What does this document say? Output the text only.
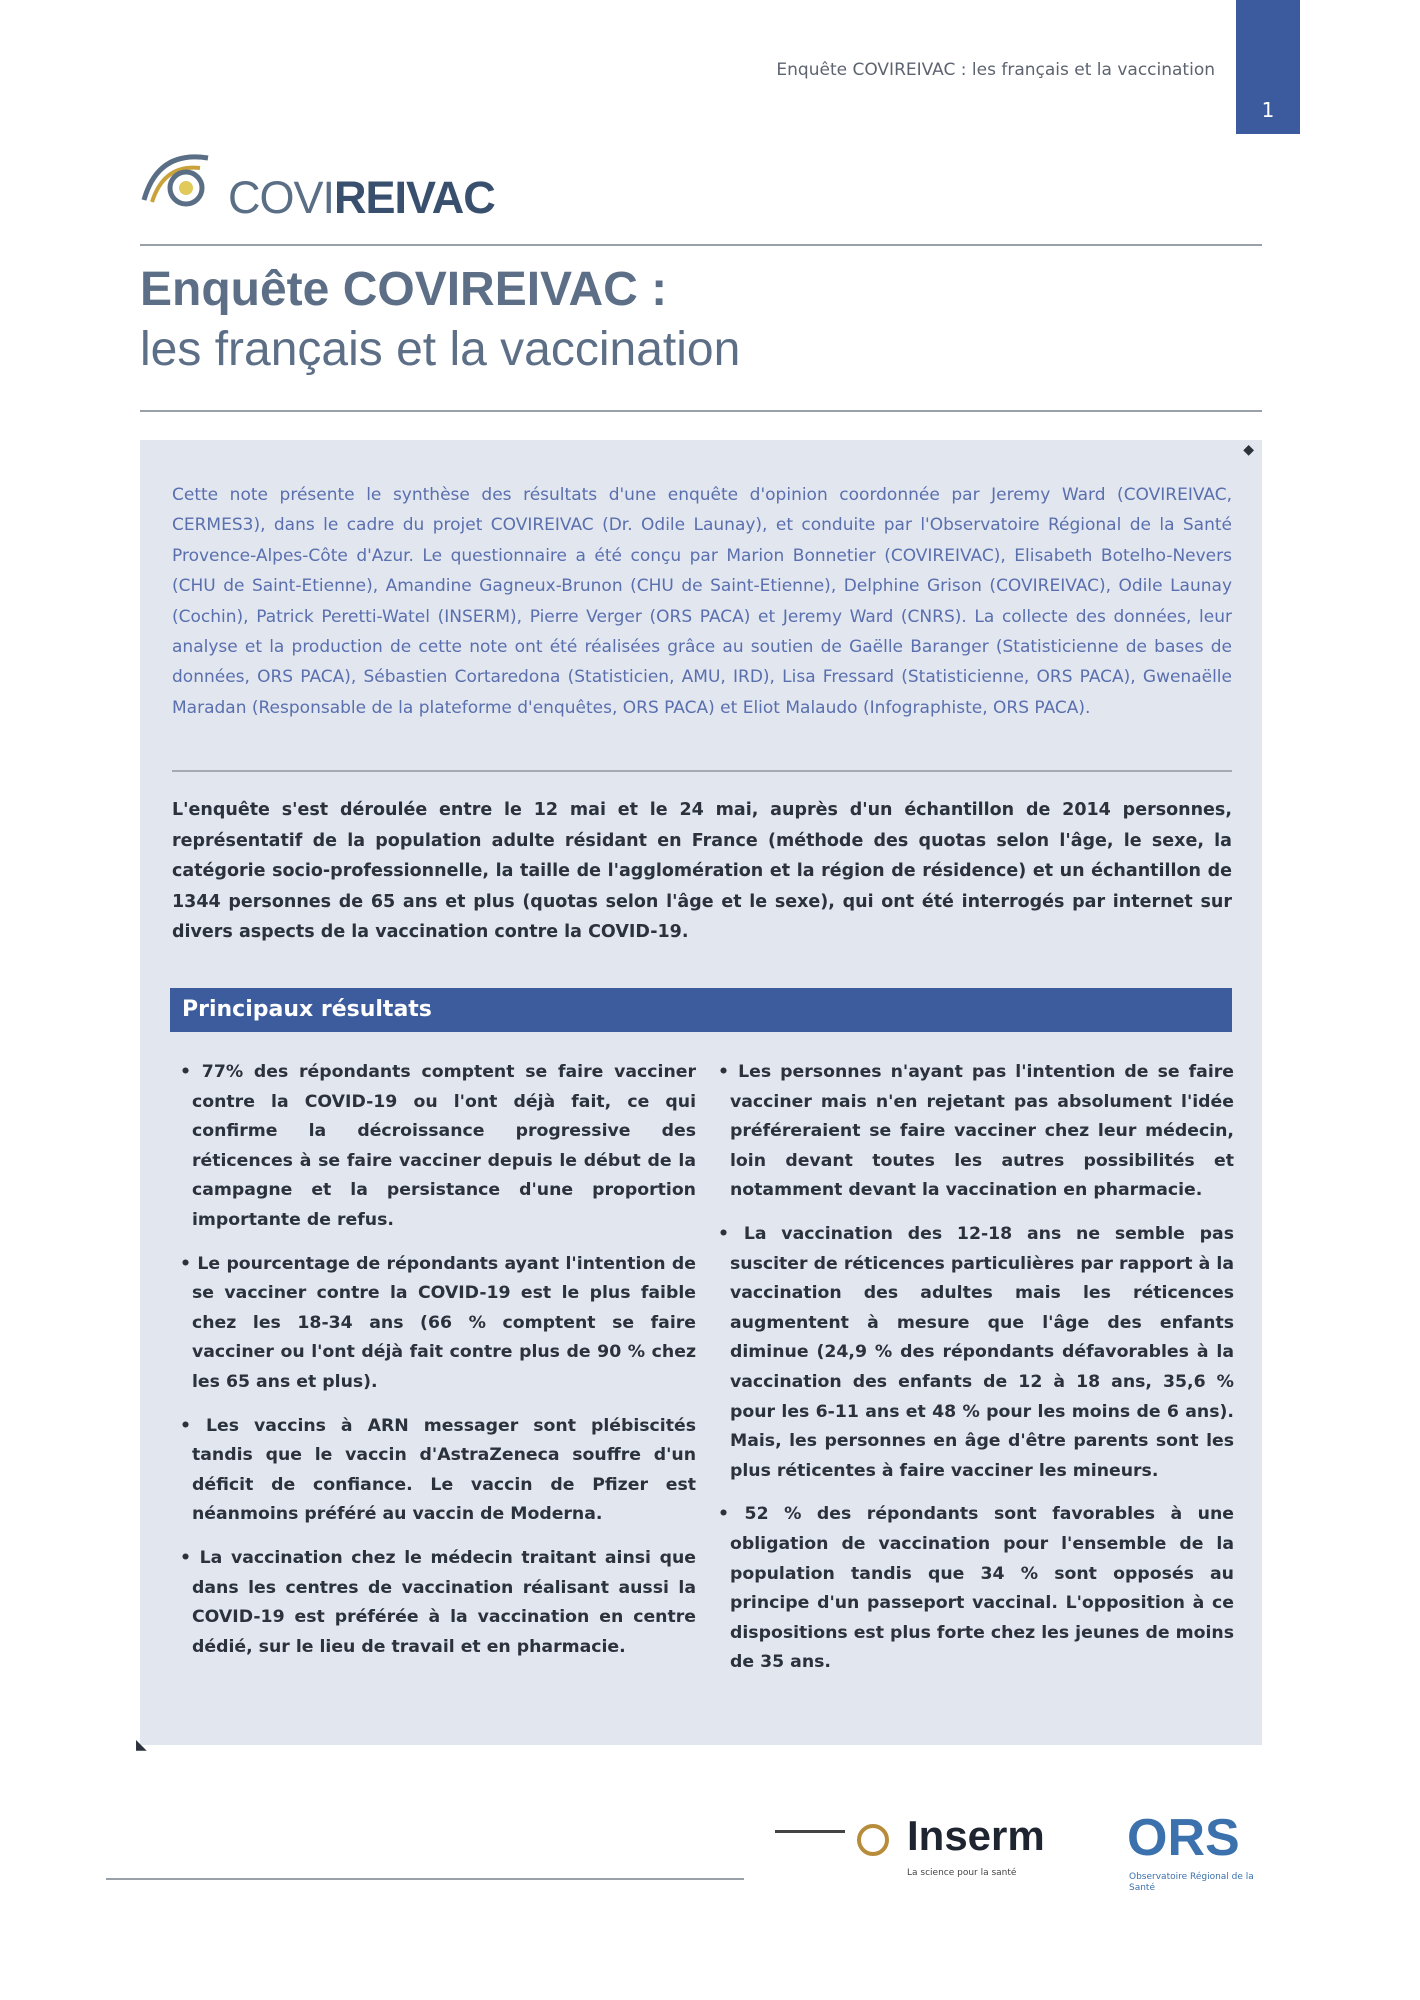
1
Enquête COVIREIVAC : les français et la vaccination
COVIREIVAC
Enquête COVIREIVAC :
les français et la vaccination
◆
Cette note présente le synthèse des résultats d'une enquête d'opinion coordonnée par Jeremy Ward (COVIREIVAC, CERMES3), dans le cadre du projet COVIREIVAC (Dr. Odile Launay), et conduite par l'Observatoire Régional de la Santé Provence-Alpes-Côte d'Azur. Le questionnaire a été conçu par Marion Bonnetier (COVIREIVAC), Elisabeth Botelho-Nevers (CHU de Saint-Etienne), Amandine Gagneux-Brunon (CHU de Saint-Etienne), Delphine Grison (COVIREIVAC), Odile Launay (Cochin), Patrick Peretti-Watel (INSERM), Pierre Verger (ORS PACA) et Jeremy Ward (CNRS). La collecte des données, leur analyse et la production de cette note ont été réalisées grâce au soutien de Gaëlle Baranger (Statisticienne de bases de données, ORS PACA), Sébastien Cortaredona (Statisticien, AMU, IRD), Lisa Fressard (Statisticienne, ORS PACA), Gwenaëlle Maradan (Responsable de la plateforme d'enquêtes, ORS PACA) et Eliot Malaudo (Infographiste, ORS PACA).
L'enquête s'est déroulée entre le 12 mai et le 24 mai, auprès d'un échantillon de 2014 personnes, représentatif de la population adulte résidant en France (méthode des quotas selon l'âge, le sexe, la catégorie socio-professionnelle, la taille de l'agglomération et la région de résidence) et un échantillon de 1344 personnes de 65 ans et plus (quotas selon l'âge et le sexe), qui ont été interrogés par internet sur divers aspects de la vaccination contre la COVID-19.
Principaux résultats

• 77% des répondants comptent se faire vacciner contre la COVID-19 ou l'ont déjà fait, ce qui confirme la décroissance progressive des réticences à se faire vacciner depuis le début de la campagne et la persistance d'une proportion importante de refus.

• Le pourcentage de répondants ayant l'intention de se vacciner contre la COVID-19 est le plus faible chez les 18-34 ans (66 % comptent se faire vacciner ou l'ont déjà fait contre plus de 90 % chez les 65 ans et plus).

• Les vaccins à ARN messager sont plébiscités tandis que le vaccin d'AstraZeneca souffre d'un déficit de confiance. Le vaccin de Pfizer est néanmoins préféré au vaccin de Moderna.

• La vaccination chez le médecin traitant ainsi que dans les centres de vaccination réalisant aussi la COVID-19 est préférée à la vaccination en centre dédié, sur le lieu de travail et en pharmacie.

• Les personnes n'ayant pas l'intention de se faire vacciner mais n'en rejetant pas absolument l'idée préféreraient se faire vacciner chez leur médecin, loin devant toutes les autres possibilités et notamment devant la vaccination en pharmacie.

• La vaccination des 12-18 ans ne semble pas susciter de réticences particulières par rapport à la vaccination des adultes mais les réticences augmentent à mesure que l'âge des enfants diminue (24,9 % des répondants défavorables à la vaccination des enfants de 12 à 18 ans, 35,6 % pour les 6-11 ans et 48 % pour les moins de 6 ans). Mais, les personnes en âge d'être parents sont les plus réticentes à faire vacciner les mineurs.

• 52 % des répondants sont favorables à une obligation de vaccination pour l'ensemble de la population tandis que 34 % sont opposés au principe d'un passeport vaccinal. L'opposition à ce dispositions est plus forte chez les jeunes de moins de 35 ans.

◣
Inserm
La science pour la santé
ORS
Observatoire Régional de la Santé
